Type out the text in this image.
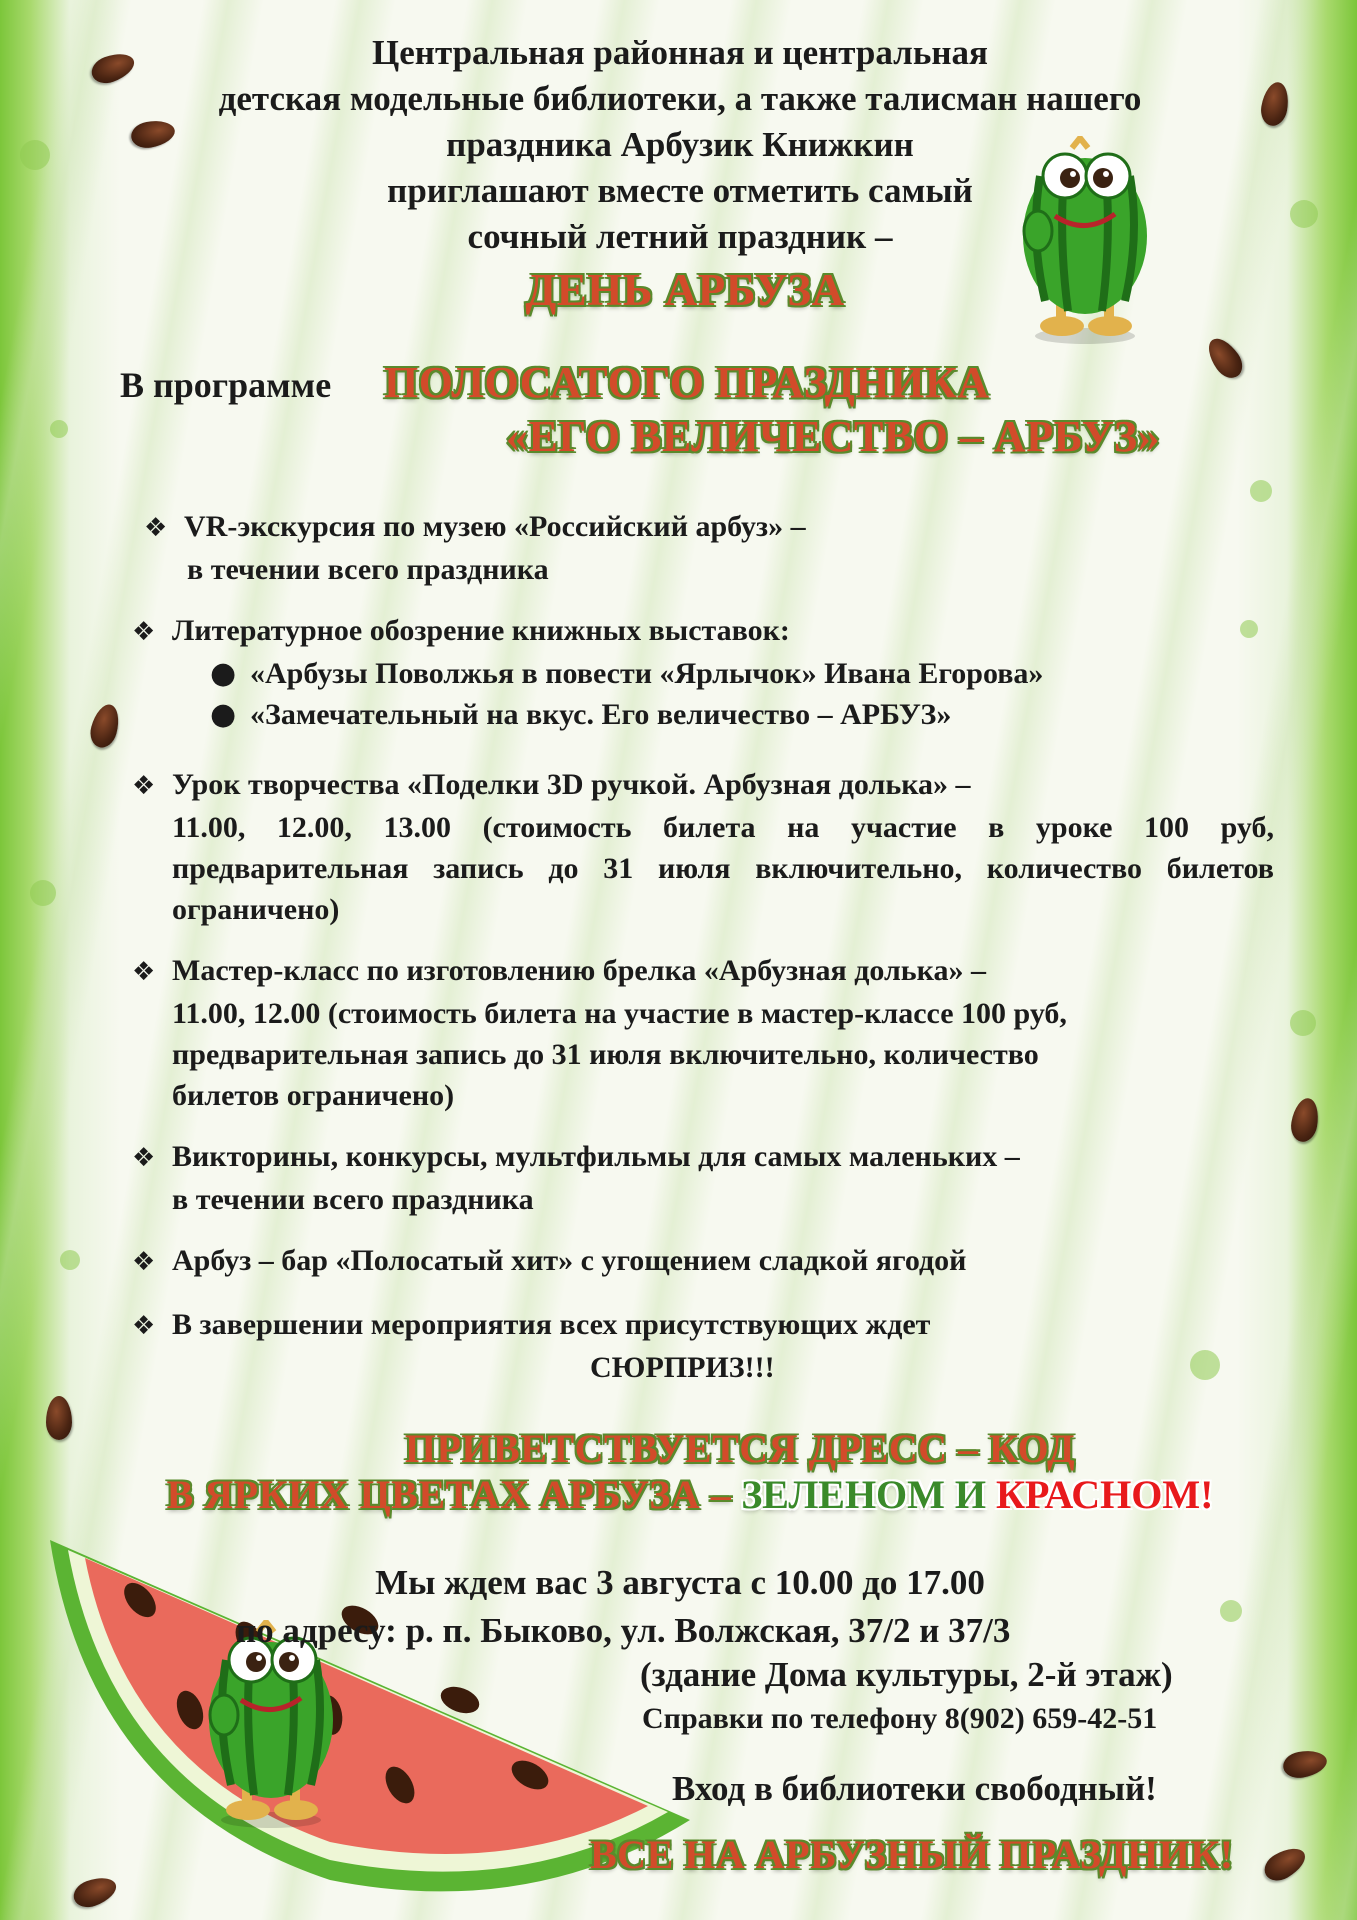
Центральная районная и центральная
детская модельные библиотеки, а также талисман нашего
праздника Арбузик Книжкин
приглашают вместе отметить самый
сочный летний праздник –
ДЕНЬ АРБУЗА
В программе ПОЛОСАТОГО ПРАЗДНИКА
«ЕГО ВЕЛИЧЕСТВО – АРБУЗ»
❖ VR-экскурсия по музею «Российский арбуз» –
в течении всего праздника
❖ Литературное обозрение книжных выставок:
● «Арбузы Поволжья в повести «Ярлычок» Ивана Егорова»
● «Замечательный на вкус. Его величество – АРБУЗ»
❖ Урок творчества «Поделки 3D ручкой. Арбузная долька» –
11.00, 12.00, 13.00 (стоимость билета на участие в уроке 100 руб, предварительная запись до 31 июля включительно, количество билетов ограничено)
❖ Мастер-класс по изготовлению брелка «Арбузная долька» –
11.00, 12.00 (стоимость билета на участие в мастер-классе 100 руб,
предварительная запись до 31 июля включительно, количество
билетов ограничено)
❖ Викторины, конкурсы, мультфильмы для самых маленьких –
в течении всего праздника
❖ Арбуз – бар «Полосатый хит» с угощением сладкой ягодой
❖ В завершении мероприятия всех присутствующих ждет
СЮРПРИЗ!!!
ПРИВЕТСТВУЕТСЯ ДРЕСС – КОД
В ЯРКИХ ЦВЕТАХ АРБУЗА – ЗЕЛЕНОМ И КРАСНОМ!
Мы ждем вас 3 августа с 10.00 до 17.00
по адресу: р. п. Быково, ул. Волжская, 37/2 и 37/3
(здание Дома культуры, 2-й этаж)
Справки по телефону 8(902) 659-42-51
Вход в библиотеки свободный!
ВСЕ НА АРБУЗНЫЙ ПРАЗДНИК!
